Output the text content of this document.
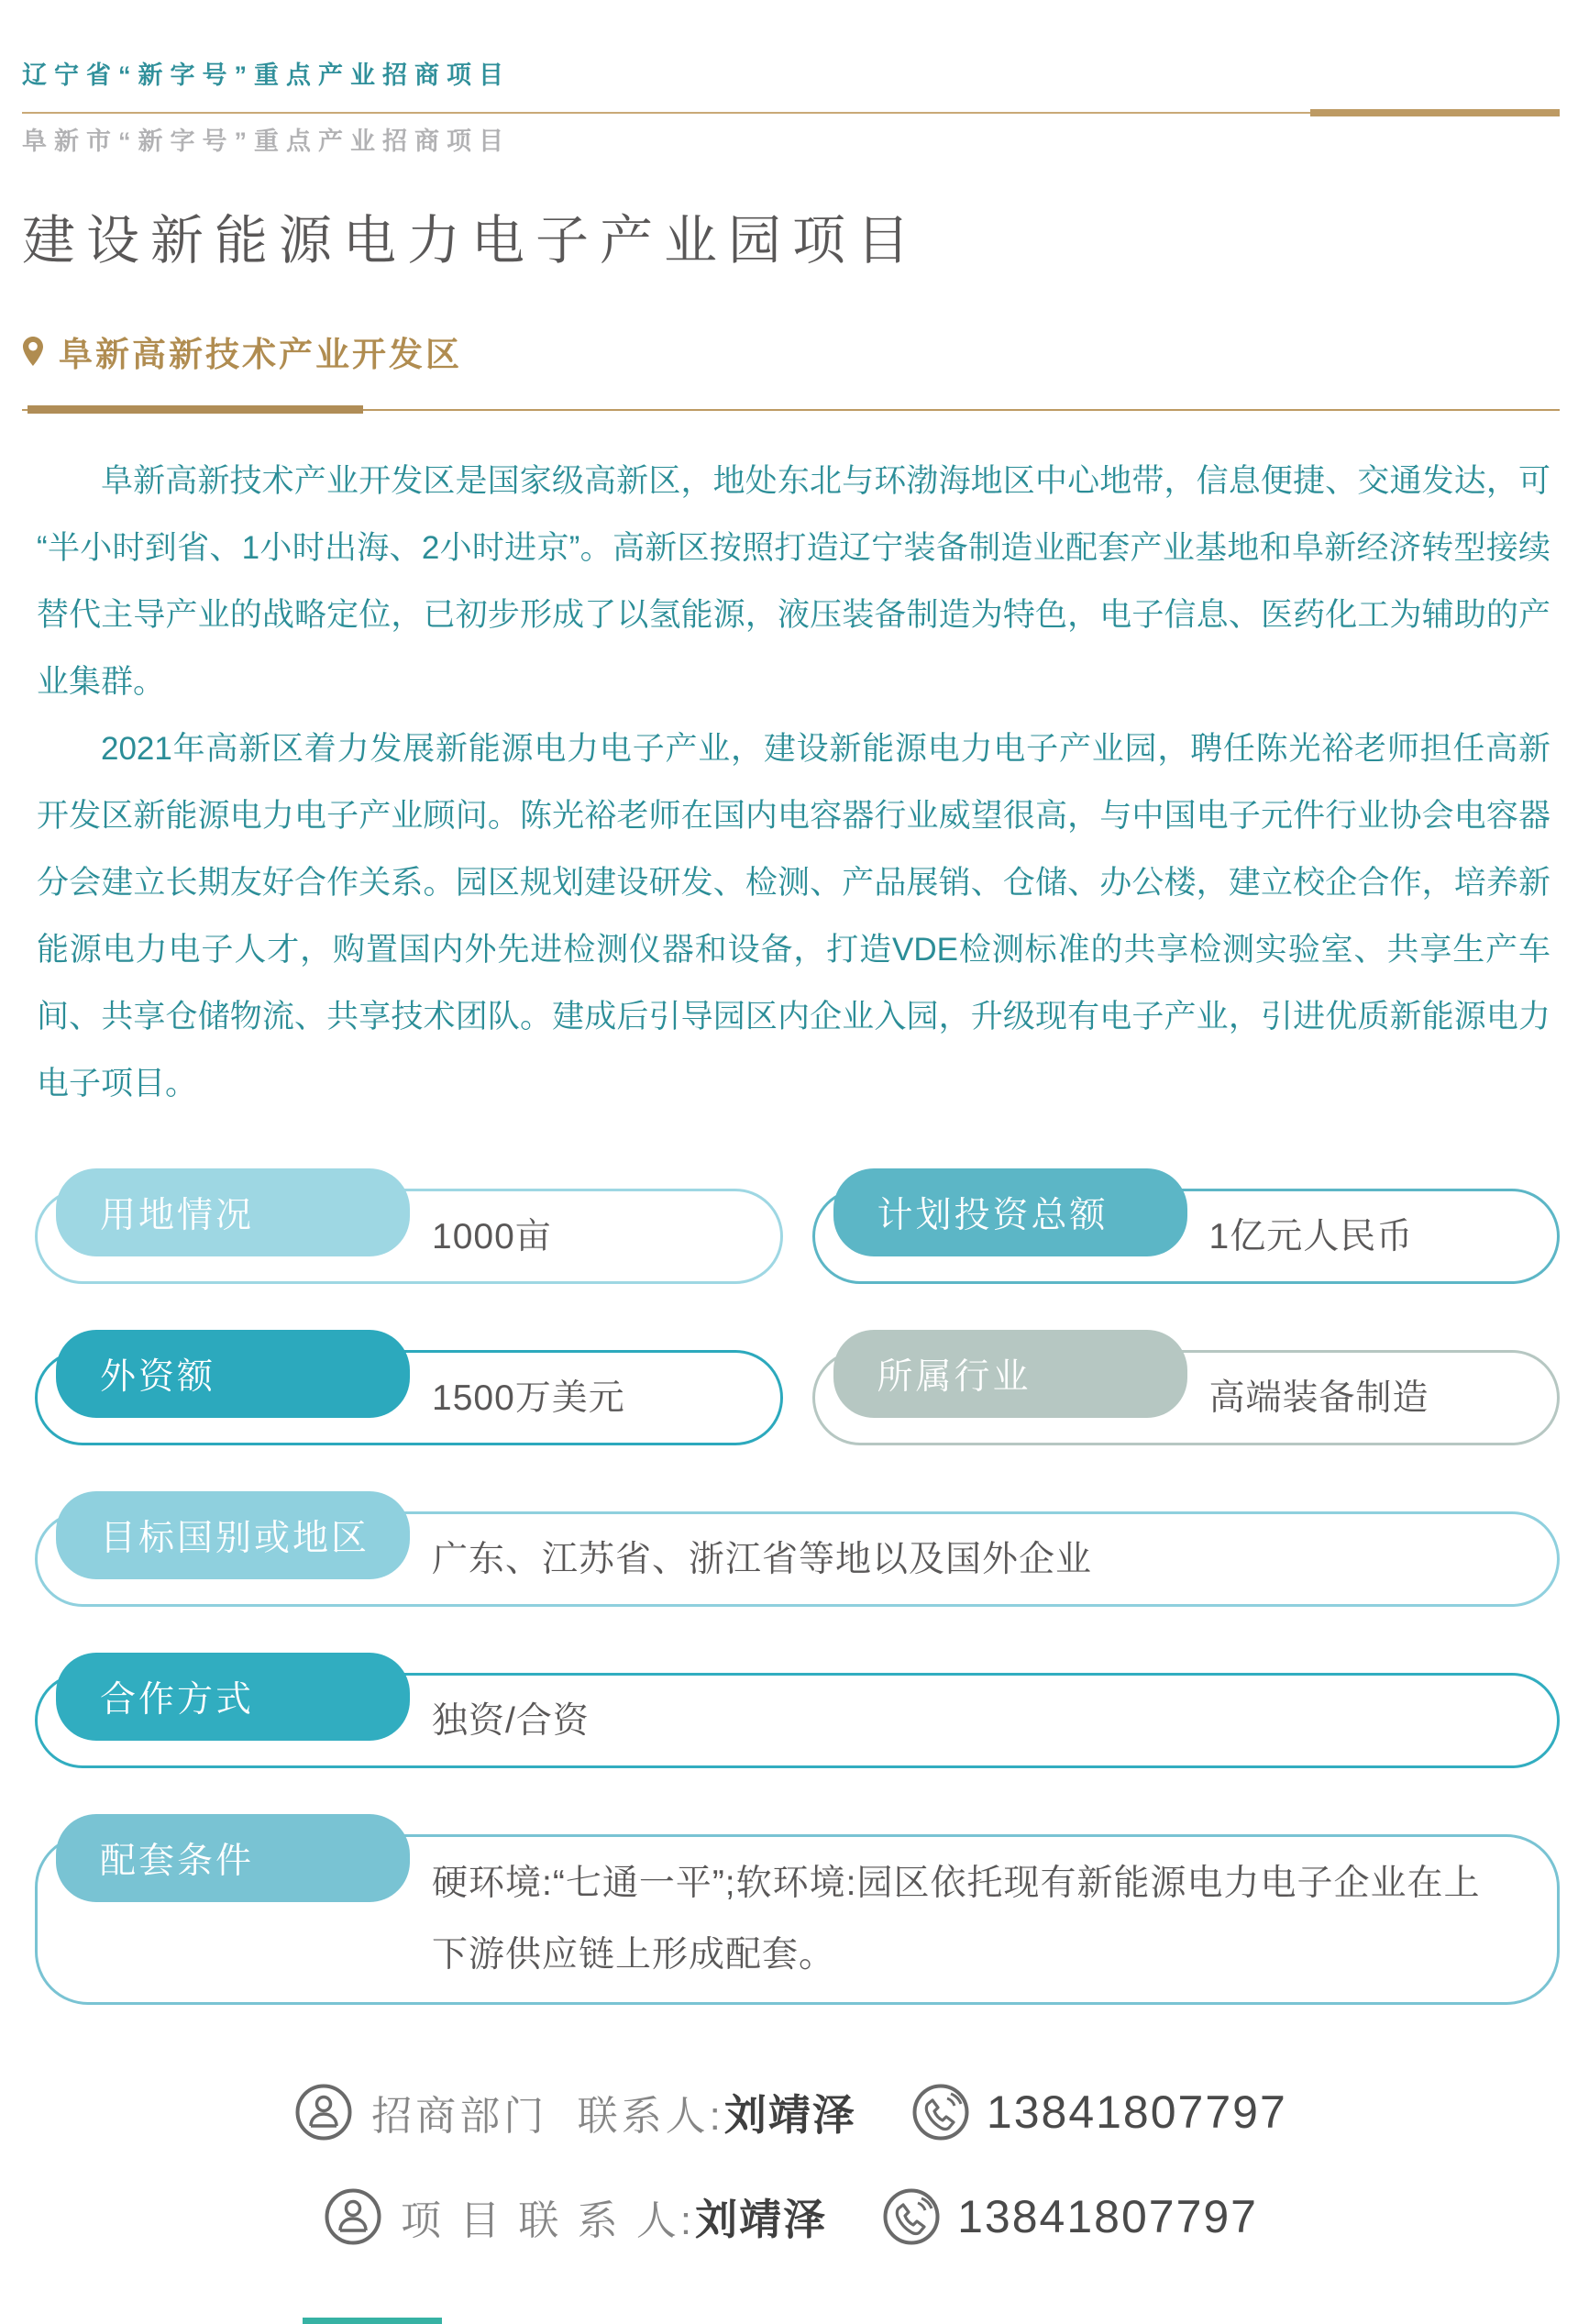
辽宁省“新字号”重点产业招商项目
阜新市“新字号”重点产业招商项目
建设新能源电力电子产业园项目
阜新高新技术产业开发区

阜新高新技术产业开发区是国家级高新区，地处东北与环渤海地区中心地带，信息便捷、交通发达，可“半小时到省、1小时出海、2小时进京”。高新区按照打造辽宁装备制造业配套产业基地和阜新经济转型接续替代主导产业的战略定位，已初步形成了以氢能源，液压装备制造为特色，电子信息、医药化工为辅助的产业集群。

2021年高新区着力发展新能源电力电子产业，建设新能源电力电子产业园，聘任陈光裕老师担任高新开发区新能源电力电子产业顾问。陈光裕老师在国内电容器行业威望很高，与中国电子元件行业协会电容器分会建立长期友好合作关系。园区规划建设研发、检测、产品展销、仓储、办公楼，建立校企合作，培养新能源电力电子人才，购置国内外先进检测仪器和设备，打造VDE检测标准的共享检测实验室、共享生产车间、共享仓储物流、共享技术团队。建成后引导园区内企业入园，升级现有电子产业，引进优质新能源电力电子项目。

用地情况
1000亩
计划投资总额
1亿元人民币
外资额
1500万美元
所属行业
高端装备制造
目标国别或地区
广东、江苏省、浙江省等地以及国外企业
合作方式
独资/合资
配套条件
硬环境:“七通一平”;软环境:园区依托现有新能源电力电子企业在上下游供应链上形成配套。
招商部门  联系人: 刘靖泽	13841807797
项 目 联 系 人: 刘靖泽	13841807797
